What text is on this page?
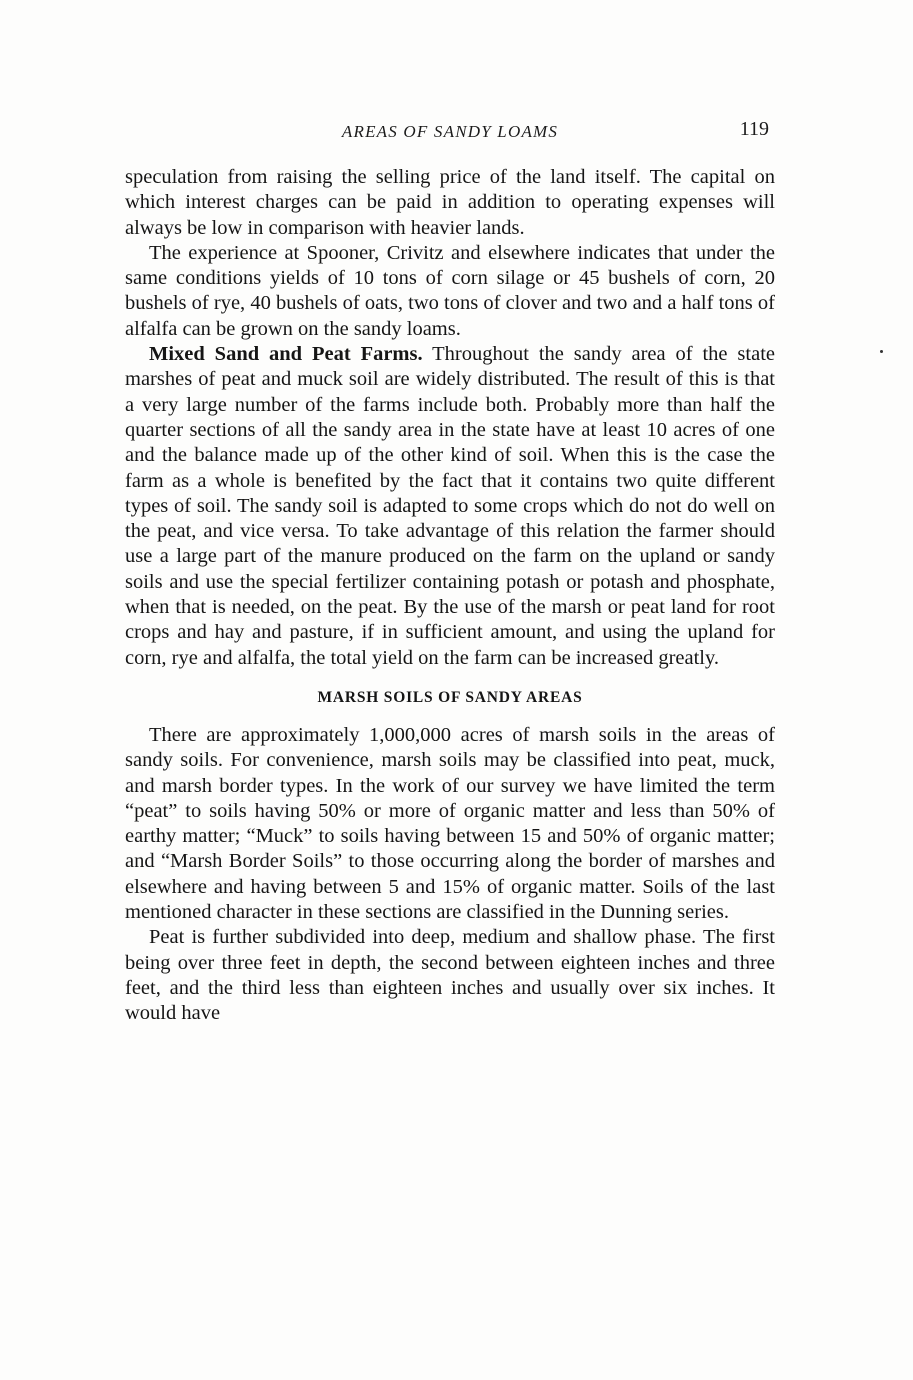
AREAS OF SANDY LOAMS	119

speculation from raising the selling price of the land itself. The capital on which interest charges can be paid in addition to operating expenses will always be low in comparison with heavier lands.

The experience at Spooner, Crivitz and elsewhere indicates that under the same conditions yields of 10 tons of corn silage or 45 bushels of corn, 20 bushels of rye, 40 bushels of oats, two tons of clover and two and a half tons of alfalfa can be grown on the sandy loams.

Mixed Sand and Peat Farms. Throughout the sandy area of the state marshes of peat and muck soil are widely distributed. The result of this is that a very large number of the farms include both. Probably more than half the quarter sections of all the sandy area in the state have at least 10 acres of one and the balance made up of the other kind of soil. When this is the case the farm as a whole is benefited by the fact that it contains two quite different types of soil. The sandy soil is adapted to some crops which do not do well on the peat, and vice versa. To take advantage of this relation the farmer should use a large part of the manure produced on the farm on the upland or sandy soils and use the special fertilizer containing potash or potash and phosphate, when that is needed, on the peat. By the use of the marsh or peat land for root crops and hay and pasture, if in sufficient amount, and using the upland for corn, rye and alfalfa, the total yield on the farm can be increased greatly.

MARSH SOILS OF SANDY AREAS

There are approximately 1,000,000 acres of marsh soils in the areas of sandy soils. For convenience, marsh soils may be classified into peat, muck, and marsh border types. In the work of our survey we have limited the term “peat” to soils having 50% or more of organic matter and less than 50% of earthy matter; “Muck” to soils having between 15 and 50% of organic matter; and “Marsh Border Soils” to those occurring along the border of marshes and elsewhere and having between 5 and 15% of organic matter. Soils of the last mentioned character in these sections are classified in the Dunning series.

Peat is further subdivided into deep, medium and shallow phase. The first being over three feet in depth, the second between eighteen inches and three feet, and the third less than eighteen inches and usually over six inches. It would have
